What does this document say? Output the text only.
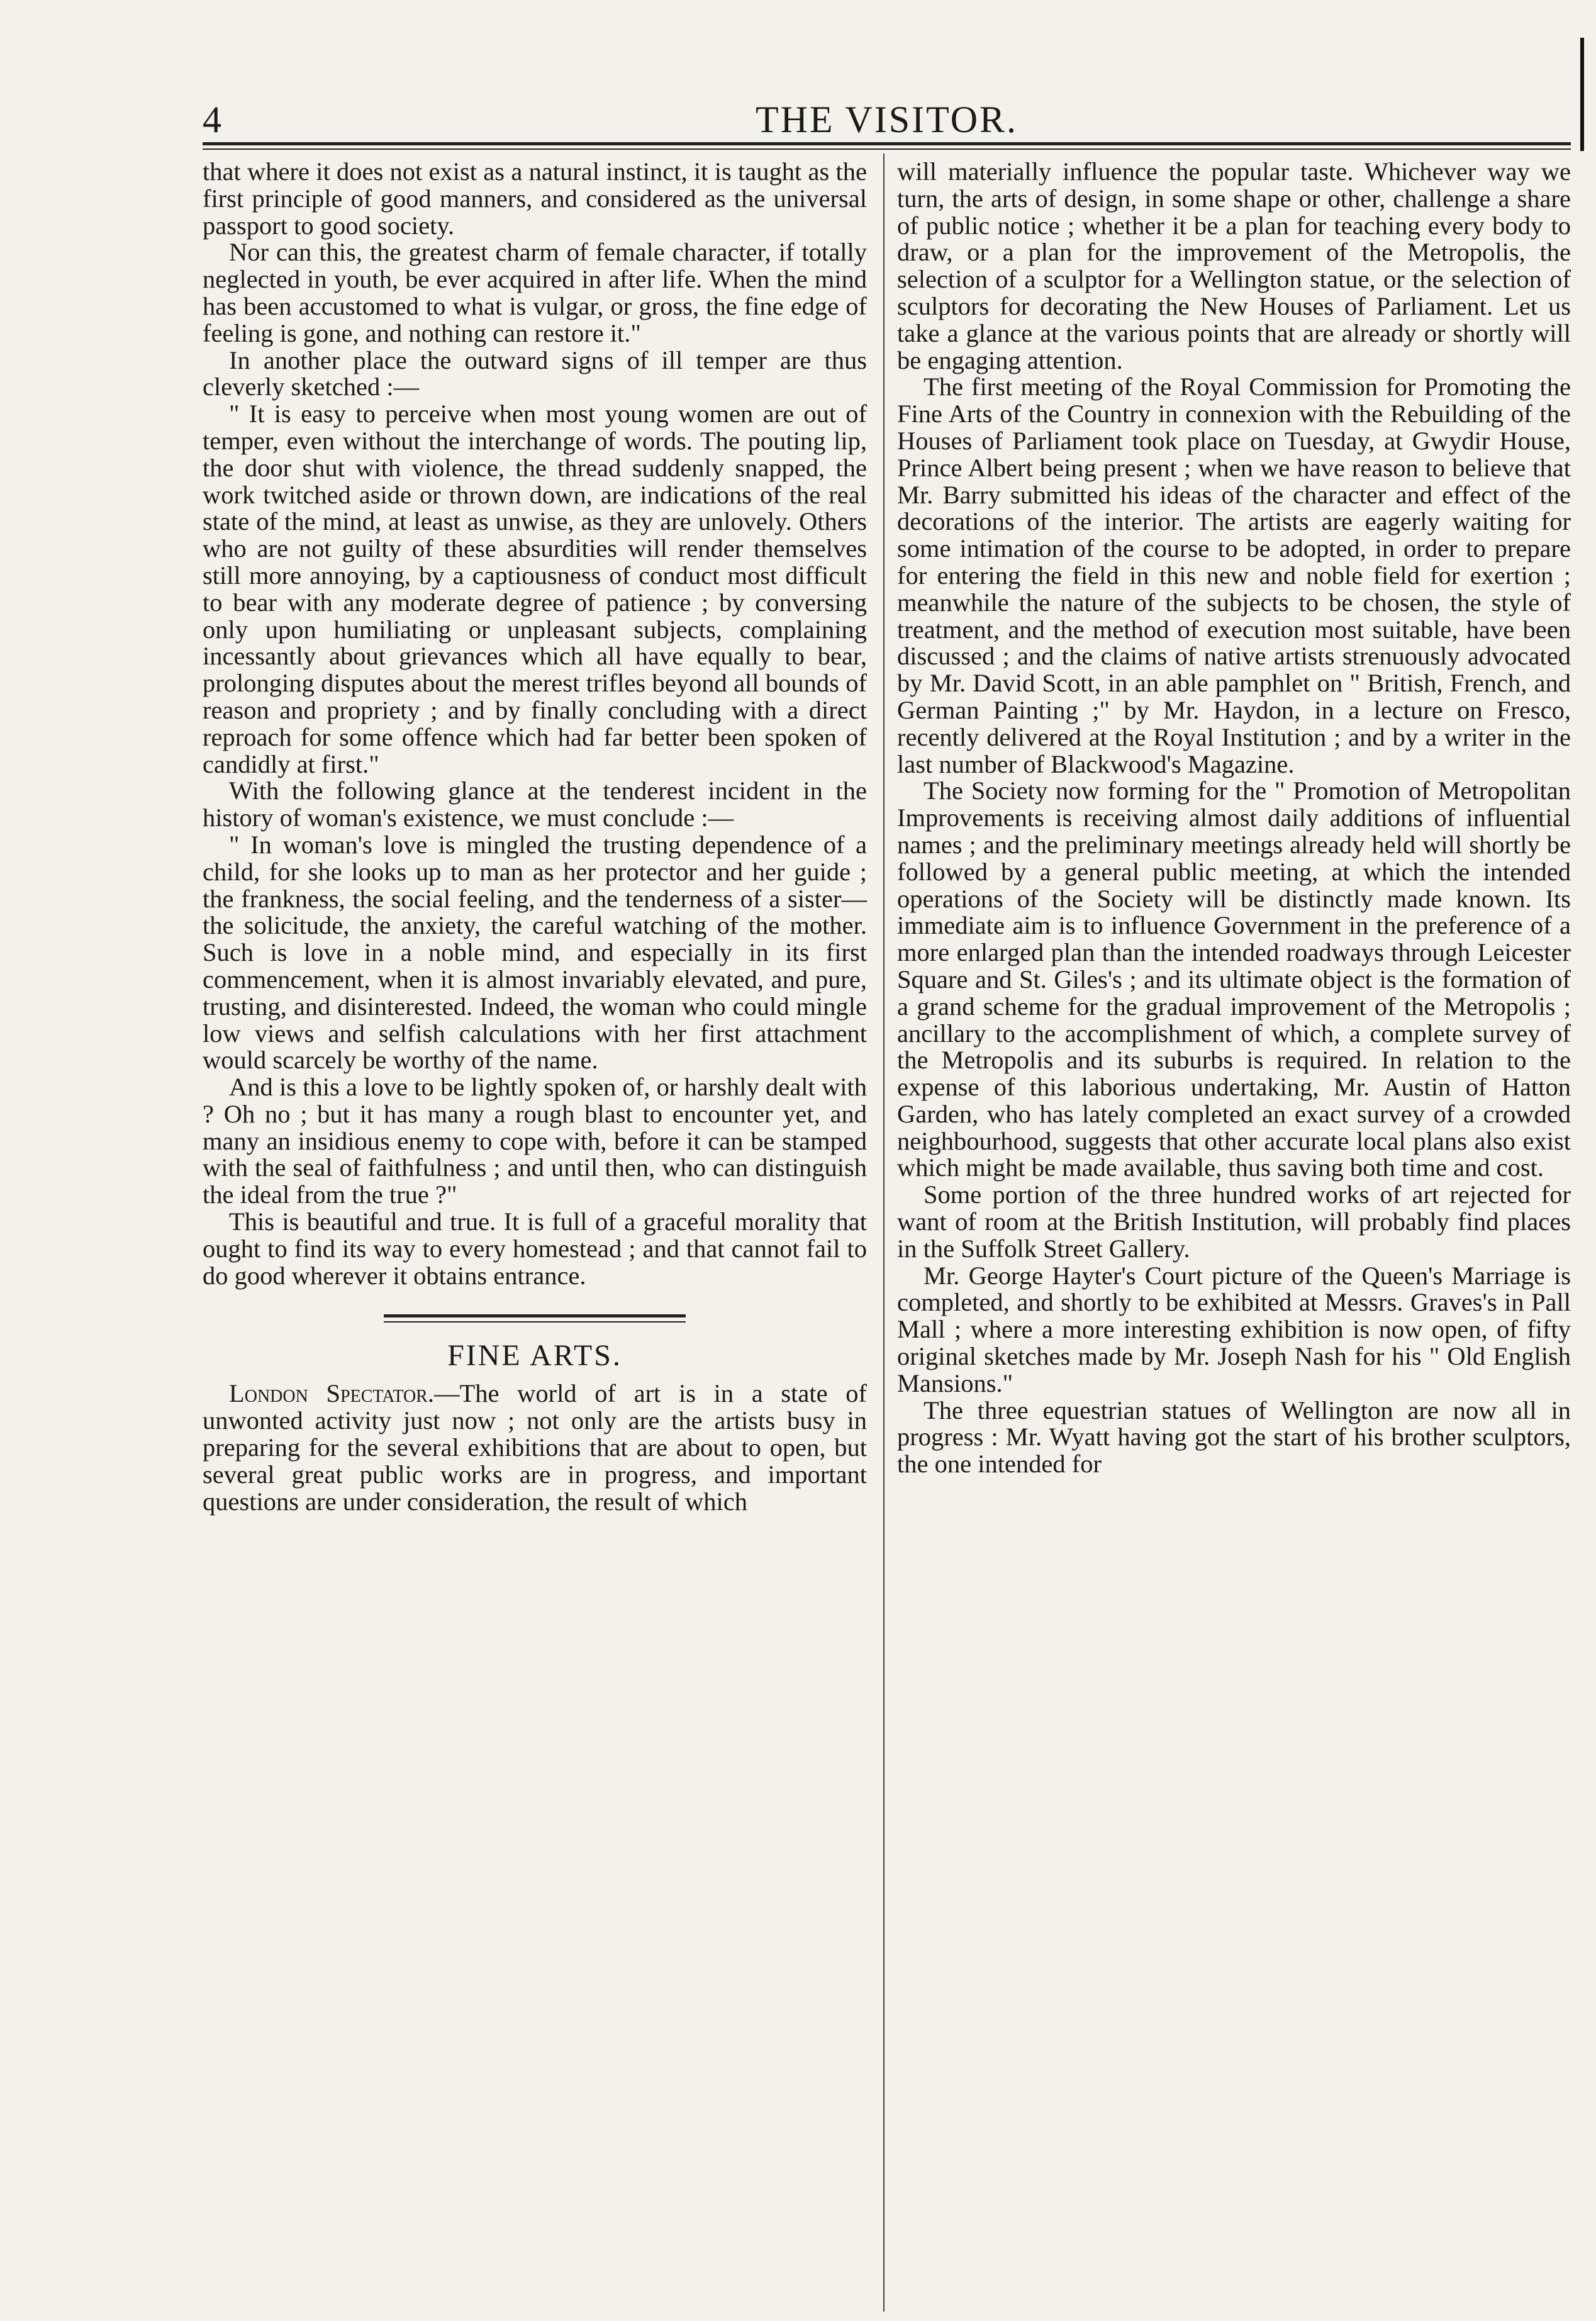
4	THE VISITOR.

that where it does not exist as a natural instinct, it is taught as the first principle of good manners, and considered as the universal passport to good society.

Nor can this, the greatest charm of female character, if totally neglected in youth, be ever acquired in after life. When the mind has been accustomed to what is vulgar, or gross, the fine edge of feeling is gone, and nothing can restore it."

In another place the outward signs of ill temper are thus cleverly sketched :—

" It is easy to perceive when most young women are out of temper, even without the interchange of words. The pouting lip, the door shut with violence, the thread suddenly snapped, the work twitched aside or thrown down, are indications of the real state of the mind, at least as unwise, as they are unlovely. Others who are not guilty of these absurdities will render themselves still more annoying, by a captiousness of conduct most difficult to bear with any moderate degree of patience ; by conversing only upon humiliating or unpleasant subjects, complaining incessantly about grievances which all have equally to bear, prolonging disputes about the merest trifles beyond all bounds of reason and propriety ; and by finally concluding with a direct reproach for some offence which had far better been spoken of candidly at first."

With the following glance at the tenderest incident in the history of woman's existence, we must conclude :—

" In woman's love is mingled the trusting dependence of a child, for she looks up to man as her protector and her guide ; the frankness, the social feeling, and the tenderness of a sister—the solicitude, the anxiety, the careful watching of the mother. Such is love in a noble mind, and especially in its first commencement, when it is almost invariably elevated, and pure, trusting, and disinterested. Indeed, the woman who could mingle low views and selfish calculations with her first attachment would scarcely be worthy of the name.

And is this a love to be lightly spoken of, or harshly dealt with ? Oh no ; but it has many a rough blast to encounter yet, and many an insidious enemy to cope with, before it can be stamped with the seal of faithfulness ; and until then, who can distinguish the ideal from the true ?"

This is beautiful and true. It is full of a graceful morality that ought to find its way to every homestead ; and that cannot fail to do good wherever it obtains entrance.

FINE ARTS.

London Spectator.—The world of art is in a state of unwonted activity just now ; not only are the artists busy in preparing for the several exhibitions that are about to open, but several great public works are in progress, and important questions are under consideration, the result of which

will materially influence the popular taste. Whichever way we turn, the arts of design, in some shape or other, challenge a share of public notice ; whether it be a plan for teaching every body to draw, or a plan for the improvement of the Metropolis, the selection of a sculptor for a Wellington statue, or the selection of sculptors for decorating the New Houses of Parliament. Let us take a glance at the various points that are already or shortly will be engaging attention.

The first meeting of the Royal Commission for Promoting the Fine Arts of the Country in connexion with the Rebuilding of the Houses of Parliament took place on Tuesday, at Gwydir House, Prince Albert being present ; when we have reason to believe that Mr. Barry submitted his ideas of the character and effect of the decorations of the interior. The artists are eagerly waiting for some intimation of the course to be adopted, in order to prepare for entering the field in this new and noble field for exertion ; meanwhile the nature of the subjects to be chosen, the style of treatment, and the method of execution most suitable, have been discussed ; and the claims of native artists strenuously advocated by Mr. David Scott, in an able pamphlet on " British, French, and German Painting ;" by Mr. Haydon, in a lecture on Fresco, recently delivered at the Royal Institution ; and by a writer in the last number of Blackwood's Magazine.

The Society now forming for the " Promotion of Metropolitan Improvements is receiving almost daily additions of influential names ; and the preliminary meetings already held will shortly be followed by a general public meeting, at which the intended operations of the Society will be distinctly made known. Its immediate aim is to influence Government in the preference of a more enlarged plan than the intended roadways through Leicester Square and St. Giles's ; and its ultimate object is the formation of a grand scheme for the gradual improvement of the Metropolis ; ancillary to the accomplishment of which, a complete survey of the Metropolis and its suburbs is required. In relation to the expense of this laborious undertaking, Mr. Austin of Hatton Garden, who has lately completed an exact survey of a crowded neighbourhood, suggests that other accurate local plans also exist which might be made available, thus saving both time and cost.

Some portion of the three hundred works of art rejected for want of room at the British Institution, will probably find places in the Suffolk Street Gallery.

Mr. George Hayter's Court picture of the Queen's Marriage is completed, and shortly to be exhibited at Messrs. Graves's in Pall Mall ; where a more interesting exhibition is now open, of fifty original sketches made by Mr. Joseph Nash for his " Old English Mansions."

The three equestrian statues of Wellington are now all in progress : Mr. Wyatt having got the start of his brother sculptors, the one intended for
